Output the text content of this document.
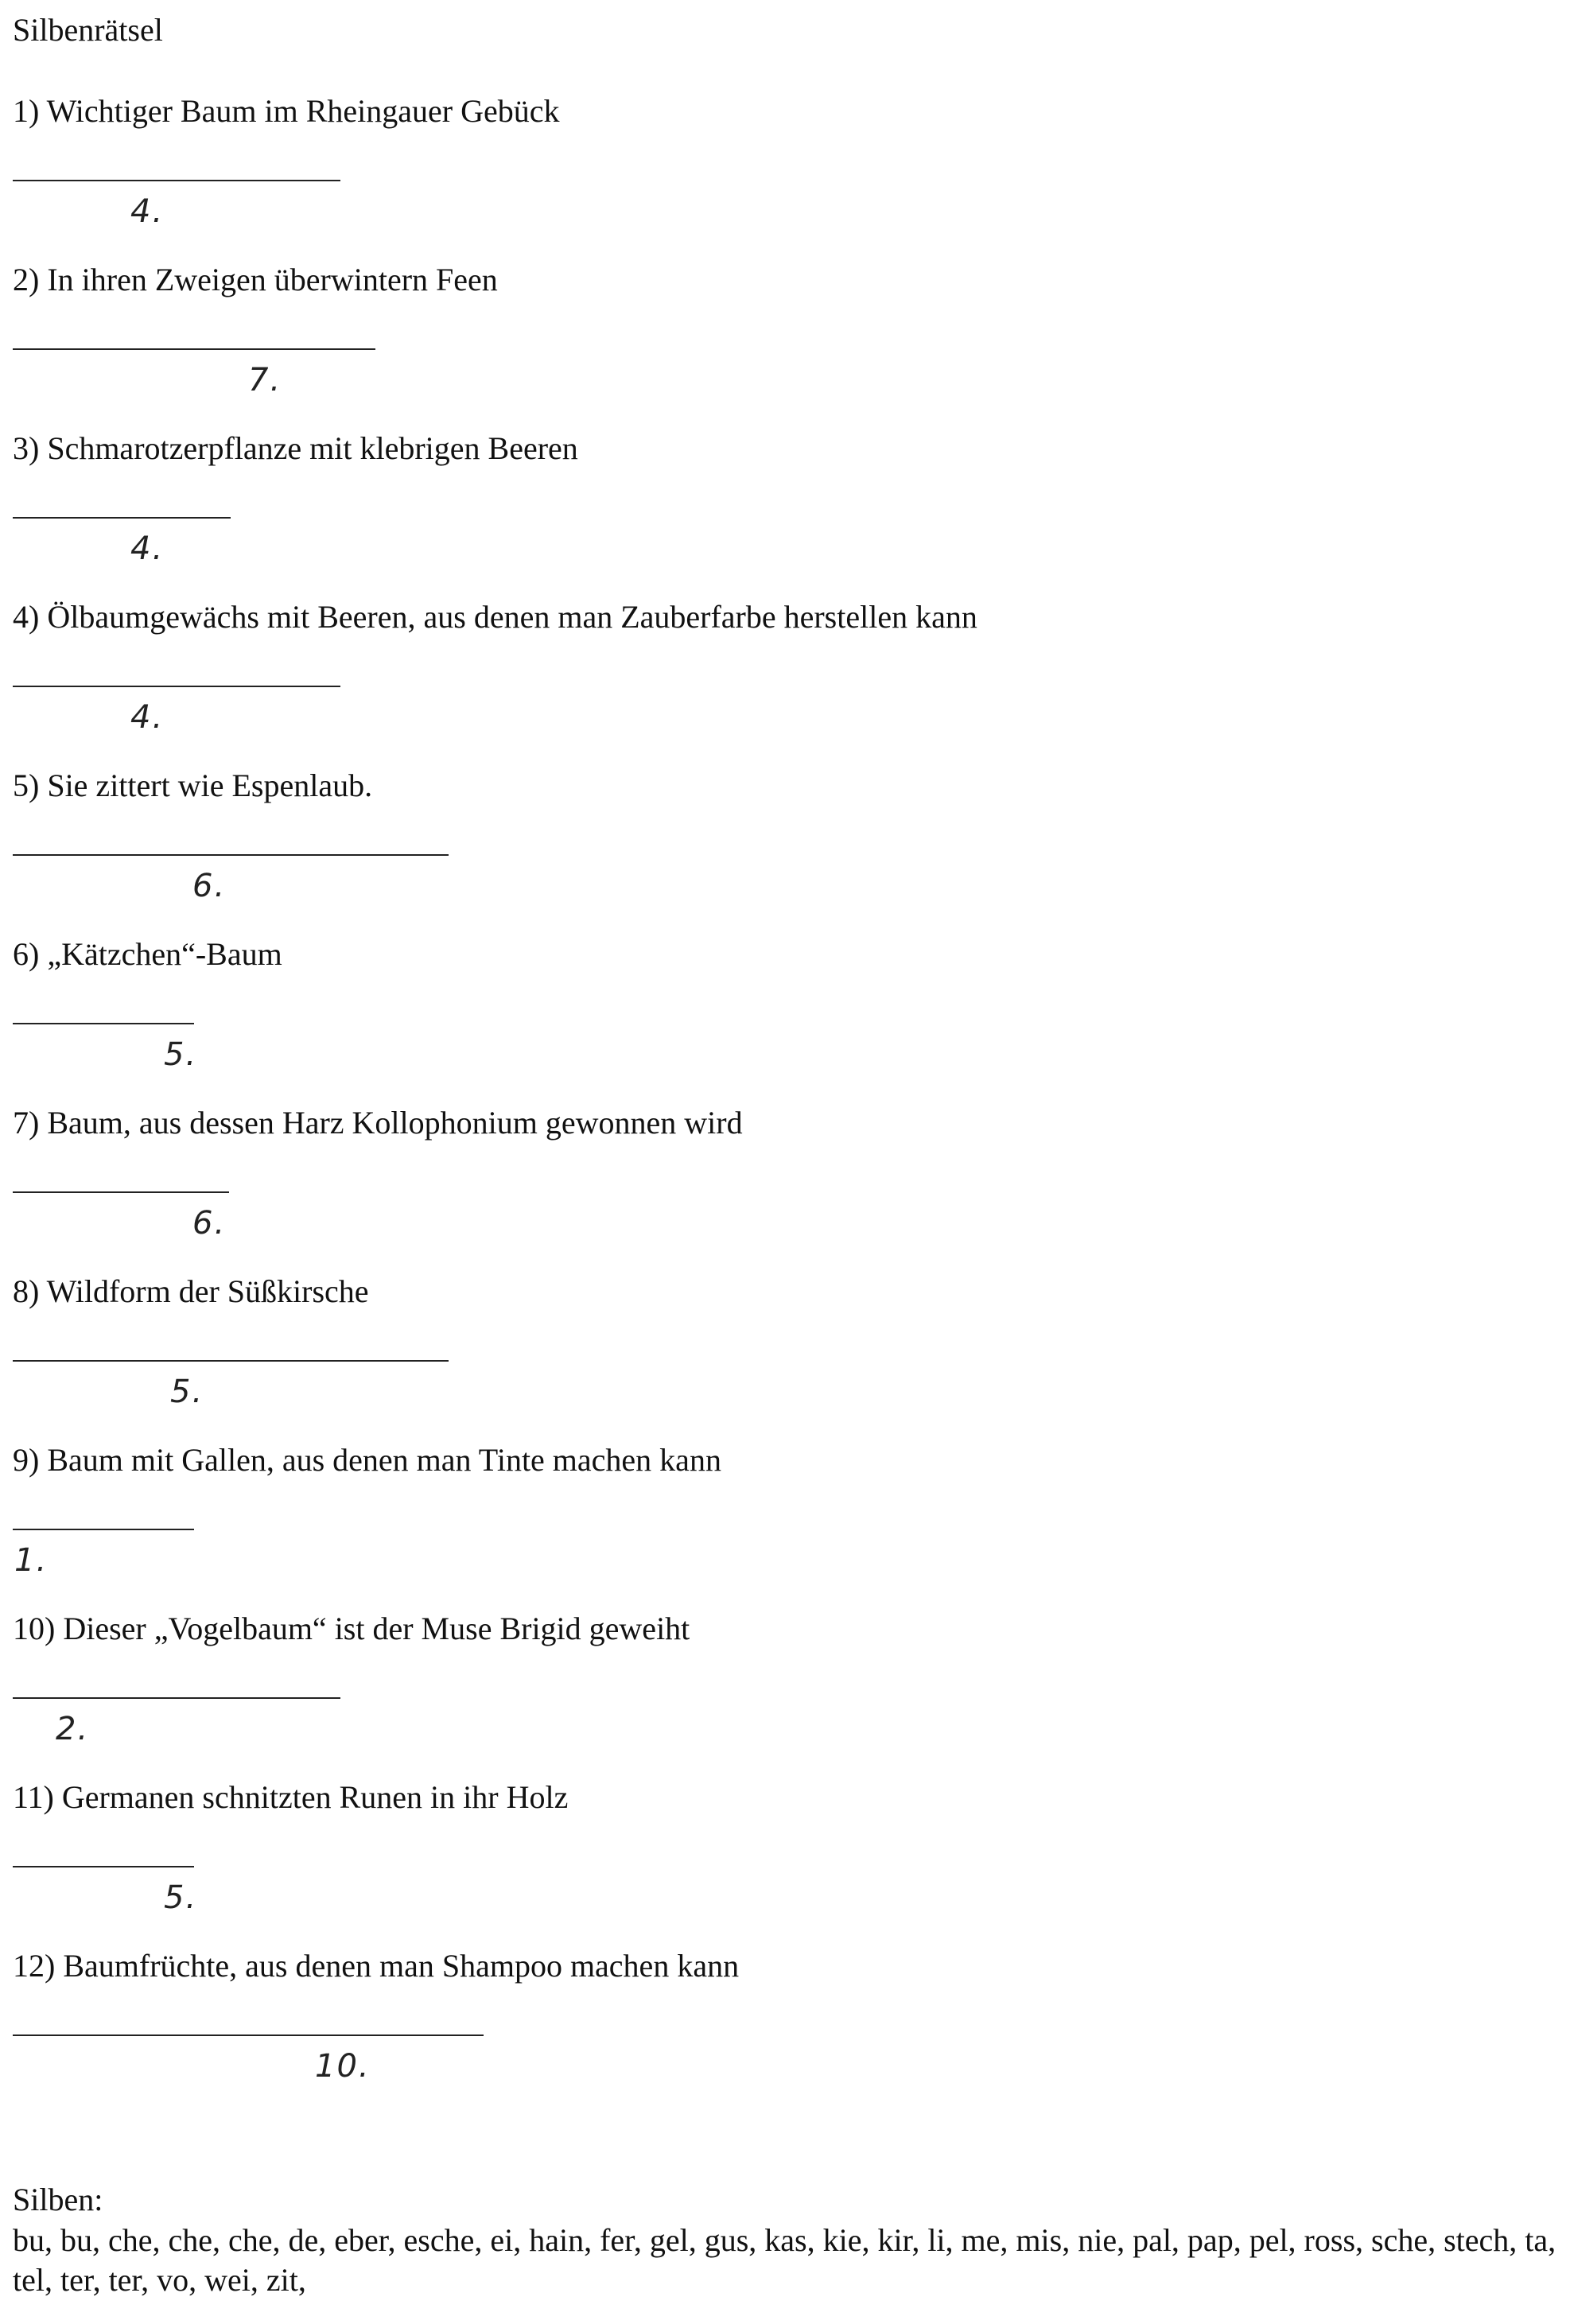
Silbenrätsel
1) Wichtiger Baum im Rheingauer Gebück
4.
2) In ihren Zweigen überwintern Feen
7.
3) Schmarotzerpflanze mit klebrigen Beeren
4.
4) Ölbaumgewächs mit Beeren, aus denen man Zauberfarbe herstellen kann
4.
5) Sie zittert wie Espenlaub.
6.
6) „Kätzchen“-Baum
5.
7) Baum, aus dessen Harz Kollophonium gewonnen wird
6.
8) Wildform der Süßkirsche
5.
9) Baum mit Gallen, aus denen man Tinte machen kann
1.
10) Dieser „Vogelbaum“ ist der Muse Brigid geweiht
2.
11) Germanen schnitzten Runen in ihr Holz
5.
12) Baumfrüchte, aus denen man Shampoo machen kann
10.
Silben:
bu, bu, che, che, che, de, eber, esche, ei, hain, fer, gel, gus, kas, kie, kir, li, me, mis, nie, pal, pap, pel, ross, sche, stech, ta, tel, ter, ter, vo, wei, zit,
